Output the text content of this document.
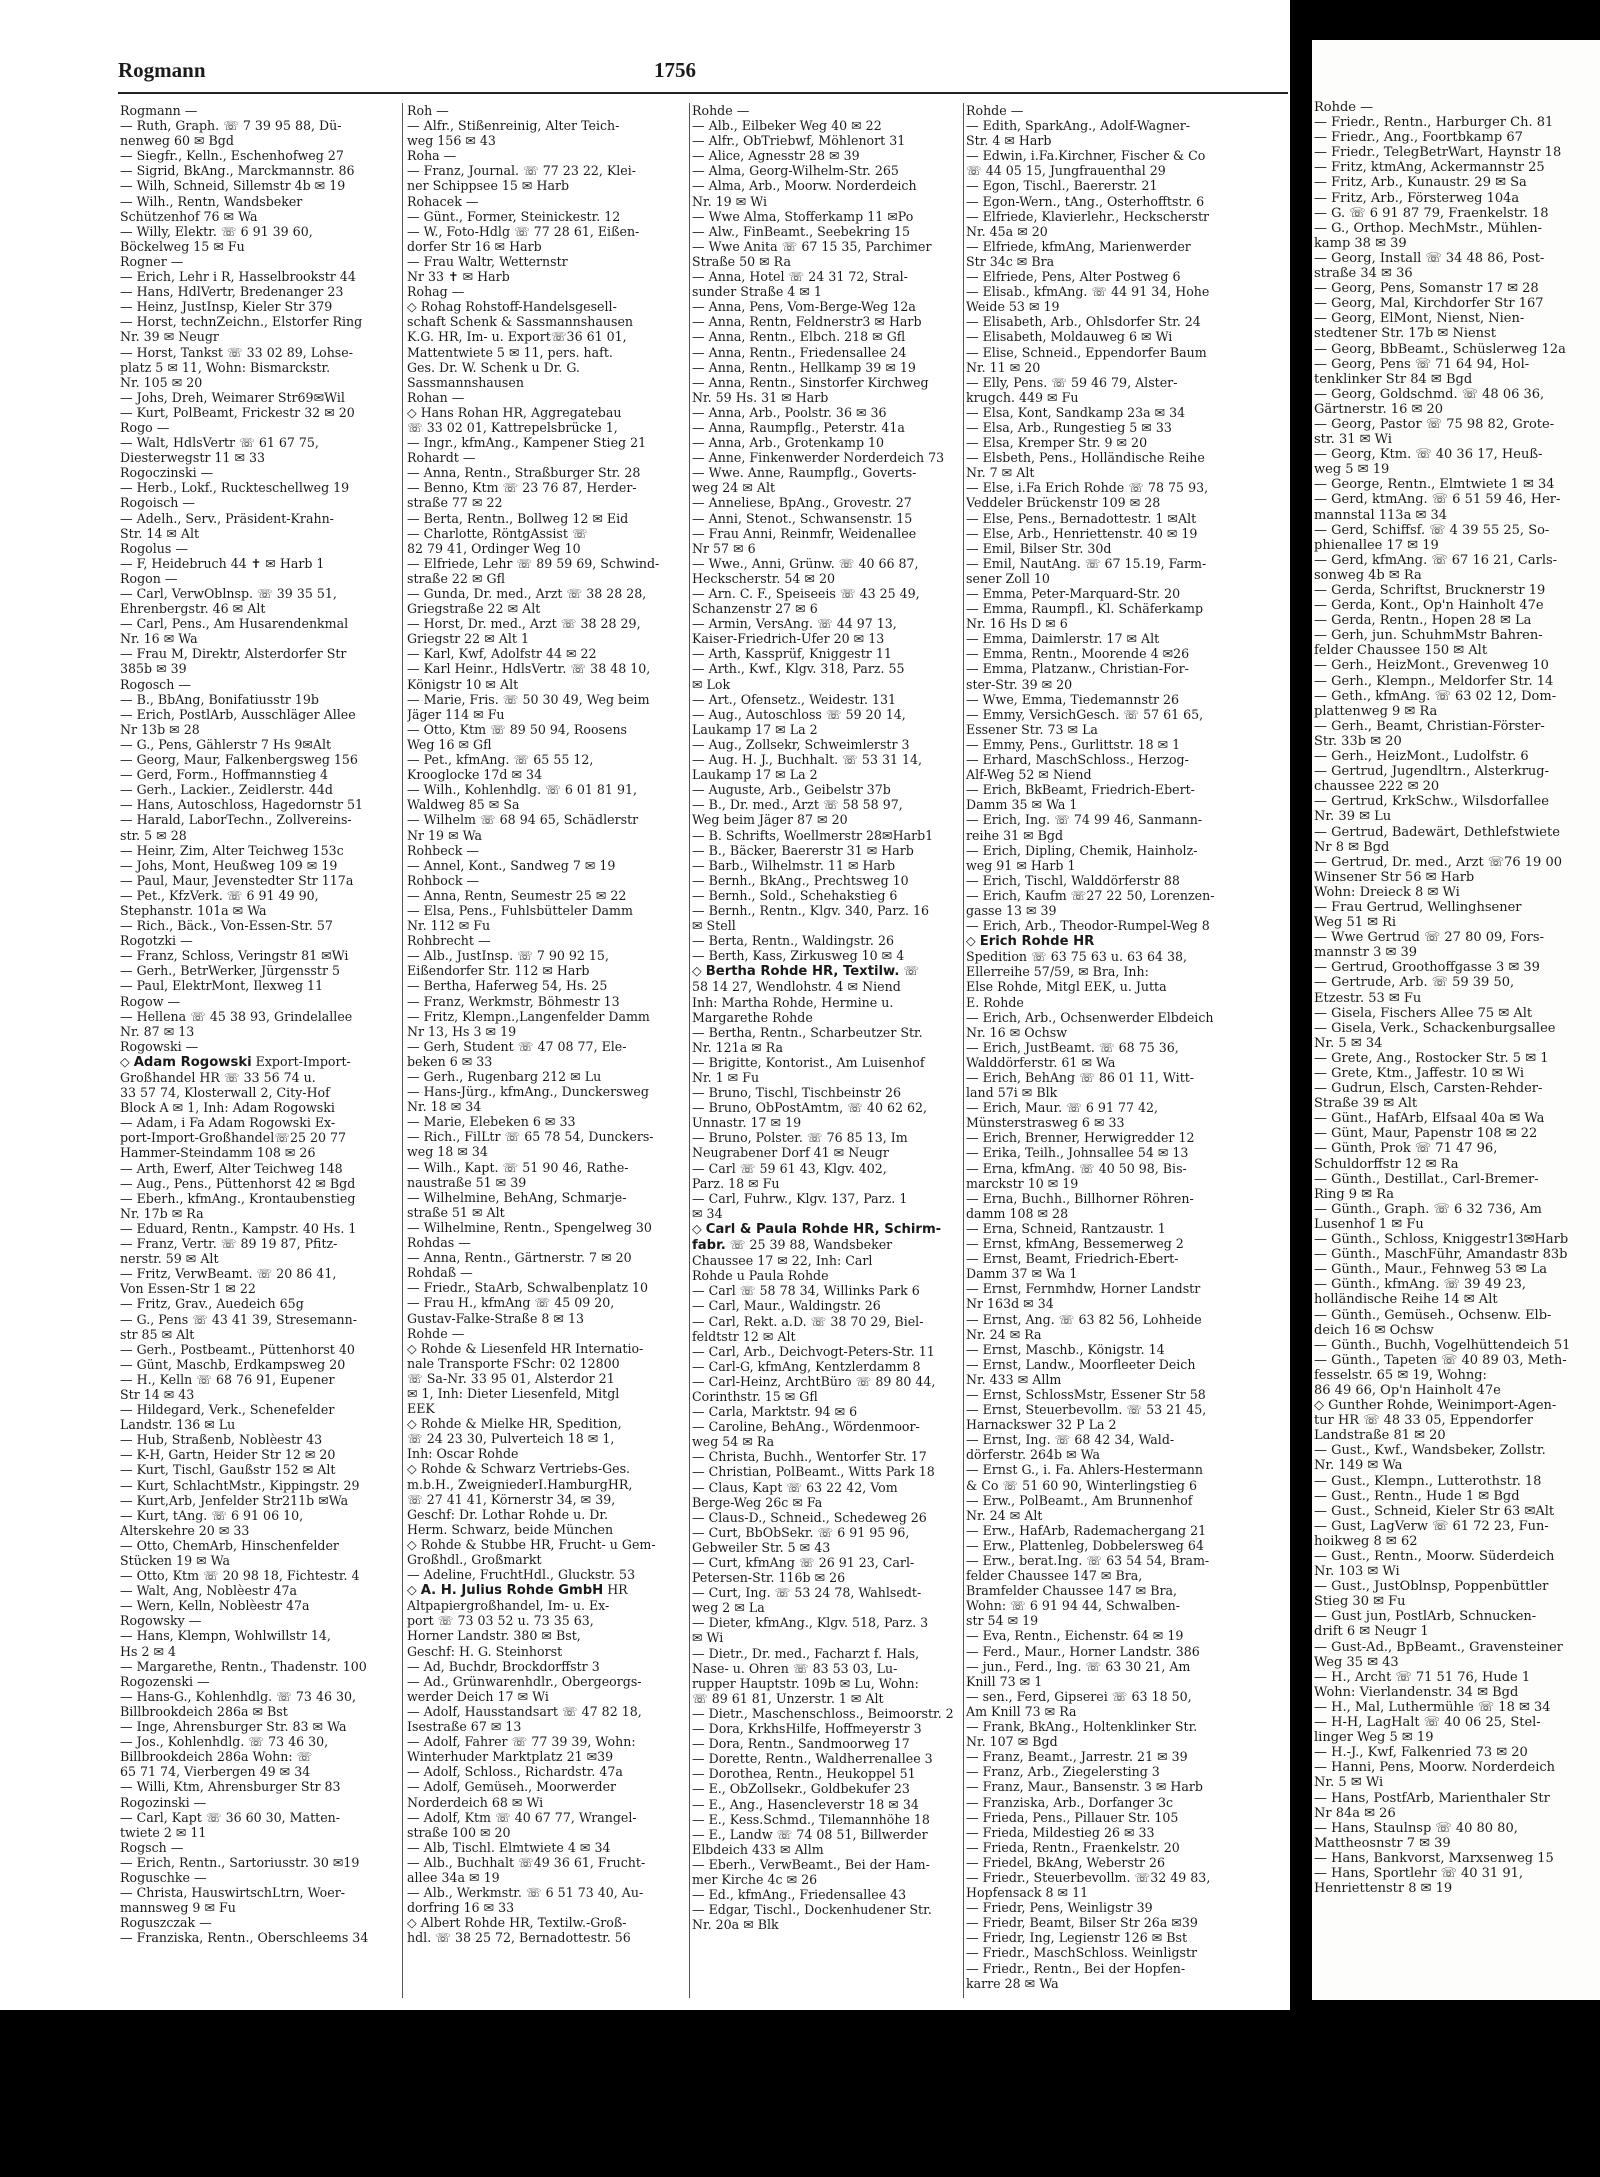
Rogmann	1756
Rogmann —
— Ruth, Graph. ☏ 7 39 95 88, Dü-
nenweg 60 ✉ Bgd
— Siegfr., Kelln., Eschenhofweg 27
— Sigrid, BkAng., Marckmannstr. 86
— Wilh, Schneid, Sillemstr 4b ✉ 19
— Wilh., Rentn, Wandsbeker
Schützenhof 76 ✉ Wa
— Willy, Elektr. ☏ 6 91 39 60,
Böckelweg 15 ✉ Fu
Rogner —
— Erich, Lehr i R, Hasselbrookstr 44
— Hans, HdlVertr, Bredenanger 23
— Heinz, JustInsp, Kieler Str 379
— Horst, technZeichn., Elstorfer Ring
Nr. 39 ✉ Neugr
— Horst, Tankst ☏ 33 02 89, Lohse-
platz 5 ✉ 11, Wohn: Bismarckstr.
Nr. 105 ✉ 20
— Johs, Dreh, Weimarer Str69✉Wil
— Kurt, PolBeamt, Frickestr 32 ✉ 20
Rogo —
— Walt, HdlsVertr ☏ 61 67 75,
Diesterwegstr 11 ✉ 33
Rogoczinski —
— Herb., Lokf., Ruckteschellweg 19
Rogoisch —
— Adelh., Serv., Präsident-Krahn-
Str. 14 ✉ Alt
Rogolus —
— F, Heidebruch 44 ✝ ✉ Harb 1
Rogon —
— Carl, VerwOblnsp. ☏ 39 35 51,
Ehrenbergstr. 46 ✉ Alt
— Carl, Pens., Am Husarendenkmal
Nr. 16 ✉ Wa
— Frau M, Direktr, Alsterdorfer Str
385b ✉ 39
Rogosch —
— B., BbAng, Bonifatiusstr 19b
— Erich, PostlArb, Ausschläger Allee
Nr 13b ✉ 28
— G., Pens, Gählerstr 7 Hs 9✉Alt
— Georg, Maur, Falkenbergsweg 156
— Gerd, Form., Hoffmannstieg 4
— Gerh., Lackier., Zeidlerstr. 44d
— Hans, Autoschloss, Hagedornstr 51
— Harald, LaborTechn., Zollvereins-
str. 5 ✉ 28
— Heinr, Zim, Alter Teichweg 153c
— Johs, Mont, Heußweg 109 ✉ 19
— Paul, Maur, Jevenstedter Str 117a
— Pet., KfzVerk. ☏ 6 91 49 90,
Stephanstr. 101a ✉ Wa
— Rich., Bäck., Von-Essen-Str. 57
Rogotzki —
— Franz, Schloss, Veringstr 81 ✉Wi
— Gerh., BetrWerker, Jürgensstr 5
— Paul, ElektrMont, Ilexweg 11
Rogow —
— Hellena ☏ 45 38 93, Grindelallee
Nr. 87 ✉ 13
Rogowski —
◇ Adam Rogowski Export-Import-
Großhandel HR ☏ 33 56 74 u.
33 57 74, Klosterwall 2, City-Hof
Block A ✉ 1, Inh: Adam Rogowski
— Adam, i Fa Adam Rogowski Ex-
port-Import-Großhandel☏25 20 77
Hammer-Steindamm 108 ✉ 26
— Arth, Ewerf, Alter Teichweg 148
— Aug., Pens., Püttenhorst 42 ✉ Bgd
— Eberh., kfmAng., Krontaubenstieg
Nr. 17b ✉ Ra
— Eduard, Rentn., Kampstr. 40 Hs. 1
— Franz, Vertr. ☏ 89 19 87, Pfitz-
nerstr. 59 ✉ Alt
— Fritz, VerwBeamt. ☏ 20 86 41,
Von Essen-Str 1 ✉ 22
— Fritz, Grav., Auedeich 65g
— G., Pens ☏ 43 41 39, Stresemann-
str 85 ✉ Alt
— Gerh., Postbeamt., Püttenhorst 40
— Günt, Maschb, Erdkampsweg 20
— H., Kelln ☏ 68 76 91, Eupener
Str 14 ✉ 43
— Hildegard, Verk., Schenefelder
Landstr. 136 ✉ Lu
— Hub, Straßenb, Noblèestr 43
— K-H, Gartn, Heider Str 12 ✉ 20
— Kurt, Tischl, Gaußstr 152 ✉ Alt
— Kurt, SchlachtMstr., Kippingstr. 29
— Kurt,Arb, Jenfelder Str211b ✉Wa
— Kurt, tAng. ☏ 6 91 06 10,
Alterskehre 20 ✉ 33
— Otto, ChemArb, Hinschenfelder
Stücken 19 ✉ Wa
— Otto, Ktm ☏ 20 98 18, Fichtestr. 4
— Walt, Ang, Noblèestr 47a
— Wern, Kelln, Noblèestr 47a
Rogowsky —
— Hans, Klempn, Wohlwillstr 14,
Hs 2 ✉ 4
— Margarethe, Rentn., Thadenstr. 100
Rogozenski —
— Hans-G., Kohlenhdlg. ☏ 73 46 30,
Billbrookdeich 286a ✉ Bst
— Inge, Ahrensburger Str. 83 ✉ Wa
— Jos., Kohlenhdlg. ☏ 73 46 30,
Billbrookdeich 286a Wohn: ☏
65 71 74, Vierbergen 49 ✉ 34
— Willi, Ktm, Ahrensburger Str 83
Rogozinski —
— Carl, Kapt ☏ 36 60 30, Matten-
twiete 2 ✉ 11
Rogsch —
— Erich, Rentn., Sartoriusstr. 30 ✉19
Roguschke —
— Christa, HauswirtschLtrn, Woer-
mannsweg 9 ✉ Fu
Roguszczak —
— Franziska, Rentn., Oberschleems 34
Roh —
— Alfr., Stißenreinig, Alter Teich-
weg 156 ✉ 43
Roha —
— Franz, Journal. ☏ 77 23 22, Klei-
ner Schippsee 15 ✉ Harb
Rohacek —
— Günt., Former, Steinickestr. 12
— W., Foto-Hdlg ☏ 77 28 61, Eißen-
dorfer Str 16 ✉ Harb
— Frau Waltr, Wetternstr
Nr 33 ✝ ✉ Harb
Rohag —
◇ Rohag Rohstoff-Handelsgesell-
schaft Schenk & Sassmannshausen
K.G. HR, Im- u. Export☏36 61 01,
Mattentwiete 5 ✉ 11, pers. haft.
Ges. Dr. W. Schenk u Dr. G.
Sassmannshausen
Rohan —
◇ Hans Rohan HR, Aggregatebau
☏ 33 02 01, Kattrepelsbrücke 1,
— Ingr., kfmAng., Kampener Stieg 21
Rohardt —
— Anna, Rentn., Straßburger Str. 28
— Benno, Ktm ☏ 23 76 87, Herder-
straße 77 ✉ 22
— Berta, Rentn., Bollweg 12 ✉ Eid
— Charlotte, RöntgAssist ☏
82 79 41, Ordinger Weg 10
— Elfriede, Lehr ☏ 89 59 69, Schwind-
straße 22 ✉ Gfl
— Gunda, Dr. med., Arzt ☏ 38 28 28,
Griegstraße 22 ✉ Alt
— Horst, Dr. med., Arzt ☏ 38 28 29,
Griegstr 22 ✉ Alt 1
— Karl, Kwf, Adolfstr 44 ✉ 22
— Karl Heinr., HdlsVertr. ☏ 38 48 10,
Königstr 10 ✉ Alt
— Marie, Fris. ☏ 50 30 49, Weg beim
Jäger 114 ✉ Fu
— Otto, Ktm ☏ 89 50 94, Roosens
Weg 16 ✉ Gfl
— Pet., kfmAng. ☏ 65 55 12,
Krooglocke 17d ✉ 34
— Wilh., Kohlenhdlg. ☏ 6 01 81 91,
Waldweg 85 ✉ Sa
— Wilhelm ☏ 68 94 65, Schädlerstr
Nr 19 ✉ Wa
Rohbeck —
— Annel, Kont., Sandweg 7 ✉ 19
Rohbock —
— Anna, Rentn, Seumestr 25 ✉ 22
— Elsa, Pens., Fuhlsbütteler Damm
Nr. 112 ✉ Fu
Rohbrecht —
— Alb., JustInsp. ☏ 7 90 92 15,
Eißendorfer Str. 112 ✉ Harb
— Bertha, Haferweg 54, Hs. 25
— Franz, Werkmstr, Böhmestr 13
— Fritz, Klempn.,Langenfelder Damm
Nr 13, Hs 3 ✉ 19
— Gerh, Student ☏ 47 08 77, Ele-
beken 6 ✉ 33
— Gerh., Rugenbarg 212 ✉ Lu
— Hans-Jürg., kfmAng., Dunckersweg
Nr. 18 ✉ 34
— Marie, Elebeken 6 ✉ 33
— Rich., FilLtr ☏ 65 78 54, Dunckers-
weg 18 ✉ 34
— Wilh., Kapt. ☏ 51 90 46, Rathe-
naustraße 51 ✉ 39
— Wilhelmine, BehAng, Schmarje-
straße 51 ✉ Alt
— Wilhelmine, Rentn., Spengelweg 30
Rohdas —
— Anna, Rentn., Gärtnerstr. 7 ✉ 20
Rohdaß —
— Friedr., StaArb, Schwalbenplatz 10
— Frau H., kfmAng ☏ 45 09 20,
Gustav-Falke-Straße 8 ✉ 13
Rohde —
◇ Rohde & Liesenfeld HR Internatio-
nale Transporte FSchr: 02 12800
☏ Sa-Nr. 33 95 01, Alsterdor 21
✉ 1, Inh: Dieter Liesenfeld, Mitgl
EEK
◇ Rohde & Mielke HR, Spedition,
☏ 24 23 30, Pulverteich 18 ✉ 1,
Inh: Oscar Rohde
◇ Rohde & Schwarz Vertriebs-Ges.
m.b.H., ZweigniederI.HamburgHR,
☏ 27 41 41, Körnerstr 34, ✉ 39,
Geschf: Dr. Lothar Rohde u. Dr.
Herm. Schwarz, beide München
◇ Rohde & Stubbe HR, Frucht- u Gem-
Großhdl., Großmarkt
— Adeline, FruchtHdl., Gluckstr. 53
◇ A. H. Julius Rohde GmbH HR
Altpapiergroßhandel, Im- u. Ex-
port ☏ 73 03 52 u. 73 35 63,
Horner Landstr. 380 ✉ Bst,
Geschf: H. G. Steinhorst
— Ad, Buchdr, Brockdorffstr 3
— Ad., Grünwarenhdlr., Obergeorgs-
werder Deich 17 ✉ Wi
— Adolf, Hausstandsart ☏ 47 82 18,
Isestraße 67 ✉ 13
— Adolf, Fahrer ☏ 77 39 39, Wohn:
Winterhuder Marktplatz 21 ✉39
— Adolf, Schloss., Richardstr. 47a
— Adolf, Gemüseh., Moorwerder
Norderdeich 68 ✉ Wi
— Adolf, Ktm ☏ 40 67 77, Wrangel-
straße 100 ✉ 20
— Alb, Tischl. Elmtwiete 4 ✉ 34
— Alb., Buchhalt ☏49 36 61, Frucht-
allee 34a ✉ 19
— Alb., Werkmstr. ☏ 6 51 73 40, Au-
dorfring 16 ✉ 33
◇ Albert Rohde HR, Textilw.-Groß-
hdl. ☏ 38 25 72, Bernadottestr. 56
Rohde —
— Alb., Eilbeker Weg 40 ✉ 22
— Alfr., ObTriebwf, Möhlenort 31
— Alice, Agnesstr 28 ✉ 39
— Alma, Georg-Wilhelm-Str. 265
— Alma, Arb., Moorw. Norderdeich
Nr. 19 ✉ Wi
— Wwe Alma, Stofferkamp 11 ✉Po
— Alw., FinBeamt., Seebekring 15
— Wwe Anita ☏ 67 15 35, Parchimer
Straße 50 ✉ Ra
— Anna, Hotel ☏ 24 31 72, Stral-
sunder Straße 4 ✉ 1
— Anna, Pens, Vom-Berge-Weg 12a
— Anna, Rentn, Feldnerstr3 ✉ Harb
— Anna, Rentn., Elbch. 218 ✉ Gfl
— Anna, Rentn., Friedensallee 24
— Anna, Rentn., Hellkamp 39 ✉ 19
— Anna, Rentn., Sinstorfer Kirchweg
Nr. 59 Hs. 31 ✉ Harb
— Anna, Arb., Poolstr. 36 ✉ 36
— Anna, Raumpflg., Peterstr. 41a
— Anna, Arb., Grotenkamp 10
— Anne, Finkenwerder Norderdeich 73
— Wwe. Anne, Raumpflg., Goverts-
weg 24 ✉ Alt
— Anneliese, BpAng., Grovestr. 27
— Anni, Stenot., Schwansenstr. 15
— Frau Anni, Reinmfr, Weidenallee
Nr 57 ✉ 6
— Wwe., Anni, Grünw. ☏ 40 66 87,
Heckscherstr. 54 ✉ 20
— Arn. C. F., Speiseeis ☏ 43 25 49,
Schanzenstr 27 ✉ 6
— Armin, VersAng. ☏ 44 97 13,
Kaiser-Friedrich-Ufer 20 ✉ 13
— Arth, Kassprüf, Kniggestr 11
— Arth., Kwf., Klgv. 318, Parz. 55
✉ Lok
— Art., Ofensetz., Weidestr. 131
— Aug., Autoschloss ☏ 59 20 14,
Laukamp 17 ✉ La 2
— Aug., Zollsekr, Schweimlerstr 3
— Aug. H. J., Buchhalt. ☏ 53 31 14,
Laukamp 17 ✉ La 2
— Auguste, Arb., Geibelstr 37b
— B., Dr. med., Arzt ☏ 58 58 97,
Weg beim Jäger 87 ✉ 20
— B. Schrifts, Woellmerstr 28✉Harb1
— B., Bäcker, Baererstr 31 ✉ Harb
— Barb., Wilhelmstr. 11 ✉ Harb
— Bernh., BkAng., Prechtsweg 10
— Bernh., Sold., Schehakstieg 6
— Bernh., Rentn., Klgv. 340, Parz. 16
✉ Stell
— Berta, Rentn., Waldingstr. 26
— Berth, Kass, Zirkusweg 10 ✉ 4
◇ Bertha Rohde HR, Textilw. ☏
58 14 27, Wendlohstr. 4 ✉ Niend
Inh: Martha Rohde, Hermine u.
Margarethe Rohde
— Bertha, Rentn., Scharbeutzer Str.
Nr. 121a ✉ Ra
— Brigitte, Kontorist., Am Luisenhof
Nr. 1 ✉ Fu
— Bruno, Tischl, Tischbeinstr 26
— Bruno, ObPostAmtm, ☏ 40 62 62,
Unnastr. 17 ✉ 19
— Bruno, Polster. ☏ 76 85 13, Im
Neugrabener Dorf 41 ✉ Neugr
— Carl ☏ 59 61 43, Klgv. 402,
Parz. 18 ✉ Fu
— Carl, Fuhrw., Klgv. 137, Parz. 1
✉ 34
◇ Carl & Paula Rohde HR, Schirm-
fabr. ☏ 25 39 88, Wandsbeker
Chaussee 17 ✉ 22, Inh: Carl
Rohde u Paula Rohde
— Carl ☏ 58 78 34, Willinks Park 6
— Carl, Maur., Waldingstr. 26
— Carl, Rekt. a.D. ☏ 38 70 29, Biel-
feldtstr 12 ✉ Alt
— Carl, Arb., Deichvogt-Peters-Str. 11
— Carl-G, kfmAng, Kentzlerdamm 8
— Carl-Heinz, ArchtBüro ☏ 89 80 44,
Corinthstr. 15 ✉ Gfl
— Carla, Marktstr. 94 ✉ 6
— Caroline, BehAng., Wördenmoor-
weg 54 ✉ Ra
— Christa, Buchh., Wentorfer Str. 17
— Christian, PolBeamt., Witts Park 18
— Claus, Kapt ☏ 63 22 42, Vom
Berge-Weg 26c ✉ Fa
— Claus-D., Schneid., Schedeweg 26
— Curt, BbObSekr. ☏ 6 91 95 96,
Gebweiler Str. 5 ✉ 43
— Curt, kfmAng ☏ 26 91 23, Carl-
Petersen-Str. 116b ✉ 26
— Curt, Ing. ☏ 53 24 78, Wahlsedt-
weg 2 ✉ La
— Dieter, kfmAng., Klgv. 518, Parz. 3
✉ Wi
— Dietr., Dr. med., Facharzt f. Hals,
Nase- u. Ohren ☏ 83 53 03, Lu-
rupper Hauptstr. 109b ✉ Lu, Wohn:
☏ 89 61 81, Unzerstr. 1 ✉ Alt
— Dietr., Maschenschloss., Beimoorstr. 2
— Dora, KrkhsHilfe, Hoffmeyerstr 3
— Dora, Rentn., Sandmoorweg 17
— Dorette, Rentn., Waldherrenallee 3
— Dorothea, Rentn., Heukoppel 51
— E., ObZollsekr., Goldbekufer 23
— E., Ang., Hasencleverstr 18 ✉ 34
— E., Kess.Schmd., Tilemannhöhe 18
— E., Landw ☏ 74 08 51, Billwerder
Elbdeich 433 ✉ Allm
— Eberh., VerwBeamt., Bei der Ham-
mer Kirche 4c ✉ 26
— Ed., kfmAng., Friedensallee 43
— Edgar, Tischl., Dockenhudener Str.
Nr. 20a ✉ Blk
Rohde —
— Edith, SparkAng., Adolf-Wagner-
Str. 4 ✉ Harb
— Edwin, i.Fa.Kirchner, Fischer & Co
☏ 44 05 15, Jungfrauenthal 29
— Egon, Tischl., Baererstr. 21
— Egon-Wern., tAng., Osterhofftstr. 6
— Elfriede, Klavierlehr., Heckscherstr
Nr. 45a ✉ 20
— Elfriede, kfmAng, Marienwerder
Str 34c ✉ Bra
— Elfriede, Pens, Alter Postweg 6
— Elisab., kfmAng. ☏ 44 91 34, Hohe
Weide 53 ✉ 19
— Elisabeth, Arb., Ohlsdorfer Str. 24
— Elisabeth, Moldauweg 6 ✉ Wi
— Elise, Schneid., Eppendorfer Baum
Nr. 11 ✉ 20
— Elly, Pens. ☏ 59 46 79, Alster-
krugch. 449 ✉ Fu
— Elsa, Kont, Sandkamp 23a ✉ 34
— Elsa, Arb., Rungestieg 5 ✉ 33
— Elsa, Kremper Str. 9 ✉ 20
— Elsbeth, Pens., Holländische Reihe
Nr. 7 ✉ Alt
— Else, i.Fa Erich Rohde ☏ 78 75 93,
Veddeler Brückenstr 109 ✉ 28
— Else, Pens., Bernadottestr. 1 ✉Alt
— Else, Arb., Henriettenstr. 40 ✉ 19
— Emil, Bilser Str. 30d
— Emil, NautAng. ☏ 67 15.19, Farm-
sener Zoll 10
— Emma, Peter-Marquard-Str. 20
— Emma, Raumpfl., Kl. Schäferkamp
Nr. 16 Hs D ✉ 6
— Emma, Daimlerstr. 17 ✉ Alt
— Emma, Rentn., Moorende 4 ✉26
— Emma, Platzanw., Christian-For-
ster-Str. 39 ✉ 20
— Wwe, Emma, Tiedemannstr 26
— Emmy, VersichGesch. ☏ 57 61 65,
Essener Str. 73 ✉ La
— Emmy, Pens., Gurlittstr. 18 ✉ 1
— Erhard, MaschSchloss., Herzog-
Alf-Weg 52 ✉ Niend
— Erich, BkBeamt, Friedrich-Ebert-
Damm 35 ✉ Wa 1
— Erich, Ing. ☏ 74 99 46, Sanmann-
reihe 31 ✉ Bgd
— Erich, Dipling, Chemik, Hainholz-
weg 91 ✉ Harb 1
— Erich, Tischl, Walddörferstr 88
— Erich, Kaufm ☏27 22 50, Lorenzen-
gasse 13 ✉ 39
— Erich, Arb., Theodor-Rumpel-Weg 8
◇ Erich Rohde HR
Spedition ☏ 63 75 63 u. 63 64 38,
Ellerreihe 57/59, ✉ Bra, Inh:
Else Rohde, Mitgl EEK, u. Jutta
E. Rohde
— Erich, Arb., Ochsenwerder Elbdeich
Nr. 16 ✉ Ochsw
— Erich, JustBeamt. ☏ 68 75 36,
Walddörferstr. 61 ✉ Wa
— Erich, BehAng ☏ 86 01 11, Witt-
land 57i ✉ Blk
— Erich, Maur. ☏ 6 91 77 42,
Münsterstrasweg 6 ✉ 33
— Erich, Brenner, Herwigredder 12
— Erika, Teilh., Johnsallee 54 ✉ 13
— Erna, kfmAng. ☏ 40 50 98, Bis-
marckstr 10 ✉ 19
— Erna, Buchh., Billhorner Röhren-
damm 108 ✉ 28
— Erna, Schneid, Rantzaustr. 1
— Ernst, kfmAng, Bessemerweg 2
— Ernst, Beamt, Friedrich-Ebert-
Damm 37 ✉ Wa 1
— Ernst, Fernmhdw, Horner Landstr
Nr 163d ✉ 34
— Ernst, Ang. ☏ 63 82 56, Lohheide
Nr. 24 ✉ Ra
— Ernst, Maschb., Königstr. 14
— Ernst, Landw., Moorfleeter Deich
Nr. 433 ✉ Allm
— Ernst, SchlossMstr, Essener Str 58
— Ernst, Steuerbevollm. ☏ 53 21 45,
Harnackswег 32 P La 2
— Ernst, Ing. ☏ 68 42 34, Wald-
dörferstr. 264b ✉ Wa
— Ernst G., i. Fa. Ahlers-Hestermann
& Co ☏ 51 60 90, Winterlingstieg 6
— Erw., PolBeamt., Am Brunnenhof
Nr. 24 ✉ Alt
— Erw., HafArb, Rademachergang 21
— Erw., Plattenleg, Dobbelersweg 64
— Erw., berat.Ing. ☏ 63 54 54, Bram-
felder Chaussee 147 ✉ Bra,
Bramfelder Chaussee 147 ✉ Bra,
Wohn: ☏ 6 91 94 44, Schwalben-
str 54 ✉ 19
— Eva, Rentn., Eichenstr. 64 ✉ 19
— Ferd., Maur., Horner Landstr. 386
— jun., Ferd., Ing. ☏ 63 30 21, Am
Knill 73 ✉ 1
— sen., Ferd, Gipserei ☏ 63 18 50,
Am Knill 73 ✉ Ra
— Frank, BkAng., Holtenklinker Str.
Nr. 107 ✉ Bgd
— Franz, Beamt., Jarrestr. 21 ✉ 39
— Franz, Arb., Ziegelersting 3
— Franz, Maur., Bansenstr. 3 ✉ Harb
— Franziska, Arb., Dorfanger 3c
— Frieda, Pens., Pillauer Str. 105
— Frieda, Mildestieg 26 ✉ 33
— Frieda, Rentn., Fraenkelstr. 20
— Friedel, BkAng, Weberstr 26
— Friedr., Steuerbevollm. ☏32 49 83,
Hopfensack 8 ✉ 11
— Friedr, Pens, Weinligstr 39
— Friedr, Beamt, Bilser Str 26a ✉39
— Friedr, Ing, Legienstr 126 ✉ Bst
— Friedr., MaschSchloss. Weinligstr
— Friedr., Rentn., Bei der Hopfen-
karre 28 ✉ Wa
Rohde —
— Friedr., Rentn., Harburger Ch. 81
— Friedr., Ang., Foortbkamp 67
— Friedr., TelegBetrWart, Haynstr 18
— Fritz, ktmAng, Ackermannstr 25
— Fritz, Arb., Kunaustr. 29 ✉ Sa
— Fritz, Arb., Försterweg 104a
— G. ☏ 6 91 87 79, Fraenkelstr. 18
— G., Orthop. MechMstr., Mühlen-
kamp 38 ✉ 39
— Georg, Install ☏ 34 48 86, Post-
straße 34 ✉ 36
— Georg, Pens, Somanstr 17 ✉ 28
— Georg, Mal, Kirchdorfer Str 167
— Georg, ElMont, Nienst, Nien-
stedtener Str. 17b ✉ Nienst
— Georg, BbBeamt., Schüslerweg 12a
— Georg, Pens ☏ 71 64 94, Hol-
tenklinker Str 84 ✉ Bgd
— Georg, Goldschmd. ☏ 48 06 36,
Gärtnerstr. 16 ✉ 20
— Georg, Pastor ☏ 75 98 82, Grote-
str. 31 ✉ Wi
— Georg, Ktm. ☏ 40 36 17, Heuß-
weg 5 ✉ 19
— George, Rentn., Elmtwiete 1 ✉ 34
— Gerd, ktmAng. ☏ 6 51 59 46, Her-
mannstal 113a ✉ 34
— Gerd, Schiffsf. ☏ 4 39 55 25, So-
phienallee 17 ✉ 19
— Gerd, kfmAng. ☏ 67 16 21, Carls-
sonweg 4b ✉ Ra
— Gerda, Schriftst, Brucknerstr 19
— Gerda, Kont., Op'n Hainholt 47e
— Gerda, Rentn., Hopen 28 ✉ La
— Gerh, jun. SchuhmMstr Bahren-
felder Chaussee 150 ✉ Alt
— Gerh., HeizMont., Grevenweg 10
— Gerh., Klempn., Meldorfer Str. 14
— Geth., kfmAng. ☏ 63 02 12, Dom-
plattenweg 9 ✉ Ra
— Gerh., Beamt, Christian-Förster-
Str. 33b ✉ 20
— Gerh., HeizMont., Ludolfstr. 6
— Gertrud, Jugendltrn., Alsterkrug-
chaussee 222 ✉ 20
— Gertrud, KrkSchw., Wilsdorfallee
Nr. 39 ✉ Lu
— Gertrud, Badewärt, Dethlefstwiete
Nr 8 ✉ Bgd
— Gertrud, Dr. med., Arzt ☏76 19 00
Winsener Str 56 ✉ Harb
Wohn: Dreieck 8 ✉ Wi
— Frau Gertrud, Wellinghsener
Weg 51 ✉ Ri
— Wwe Gertrud ☏ 27 80 09, Fors-
mannstr 3 ✉ 39
— Gertrud, Groothoffgasse 3 ✉ 39
— Gertrude, Arb. ☏ 59 39 50,
Etzestr. 53 ✉ Fu
— Gisela, Fischers Allee 75 ✉ Alt
— Gisela, Verk., Schackenburgsallee
Nr. 5 ✉ 34
— Grete, Ang., Rostocker Str. 5 ✉ 1
— Grete, Ktm., Jaffestr. 10 ✉ Wi
— Gudrun, Elsch, Carsten-Rehder-
Straße 39 ✉ Alt
— Günt., HafArb, Elfsaal 40a ✉ Wa
— Günt, Maur, Papenstr 108 ✉ 22
— Günth, Prok ☏ 71 47 96,
Schuldorffstr 12 ✉ Ra
— Günth., Destillat., Carl-Bremer-
Ring 9 ✉ Ra
— Günth., Graph. ☏ 6 32 736, Am
Lusenhof 1 ✉ Fu
— Günth., Schloss, Kniggestr13✉Harb
— Günth., MaschFühr, Amandastr 83b
— Günth., Maur., Fehnweg 53 ✉ La
— Günth., kfmAng. ☏ 39 49 23,
holländische Reihe 14 ✉ Alt
— Günth., Gemüseh., Ochsenw. Elb-
deich 16 ✉ Ochsw
— Günth., Buchh, Vogelhüttendeich 51
— Günth., Tapeten ☏ 40 89 03, Meth-
fesselstr. 65 ✉ 19, Wohng:
86 49 66, Op'n Hainholt 47e
◇ Gunther Rohde, Weinimport-Agen-
tur HR ☏ 48 33 05, Eppendorfer
Landstraße 81 ✉ 20
— Gust., Kwf., Wandsbeker, Zollstr.
Nr. 149 ✉ Wa
— Gust., Klempn., Lutterothstr. 18
— Gust., Rentn., Hude 1 ✉ Bgd
— Gust., Schneid, Kieler Str 63 ✉Alt
— Gust, LagVerw ☏ 61 72 23, Fun-
hoikweg 8 ✉ 62
— Gust., Rentn., Moorw. Süderdeich
Nr. 103 ✉ Wi
— Gust., JustOblnsp, Poppenbüttler
Stieg 30 ✉ Fu
— Gust jun, PostlArb, Schnucken-
drift 6 ✉ Neugr 1
— Gust-Ad., BpBeamt., Gravensteiner
Weg 35 ✉ 43
— H., Archt ☏ 71 51 76, Hude 1
Wohn: Vierlandenstr. 34 ✉ Bgd
— H., Mal, Luthermühle ☏ 18 ✉ 34
— H-H, LagHalt ☏ 40 06 25, Stel-
linger Weg 5 ✉ 19
— H.-J., Kwf, Falkenried 73 ✉ 20
— Hanni, Pens, Moorw. Norderdeich
Nr. 5 ✉ Wi
— Hans, PostfArb, Marienthaler Str
Nr 84a ✉ 26
— Hans, Staulnsp ☏ 40 80 80,
Mattheosnstr 7 ✉ 39
— Hans, Bankvorst, Marxsenweg 15
— Hans, Sportlehr ☏ 40 31 91,
Henriettenstr 8 ✉ 19
